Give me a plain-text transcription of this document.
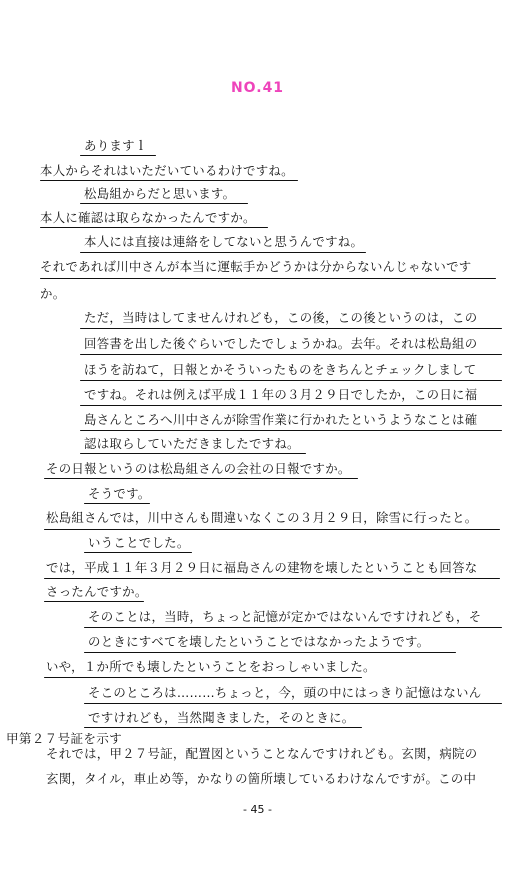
NO.41
ありますｌ
本人からそれはいただいているわけですね。
松島組からだと思います。
本人に確認は取らなかったんですか。
本人には直接は連絡をしてないと思うんですね。
それであれば川中さんが本当に運転手かどうかは分からないんじゃないです
か。
ただ，当時はしてませんけれども，この後，この後というのは，この
回答書を出した後ぐらいでしたでしょうかね。去年。それは松島組の
ほうを訪ねて，日報とかそういったものをきちんとチェックしまして
ですね。それは例えば平成１１年の３月２９日でしたか，この日に福
島さんところへ川中さんが除雪作業に行かれたというようなことは確
認は取らしていただきましたですね。
その日報というのは松島組さんの会社の日報ですか。
そうです。
松島組さんでは，川中さんも間違いなくこの３月２９日，除雪に行ったと。
いうことでした。
では，平成１１年３月２９日に福島さんの建物を壊したということも回答な
さったんですか。
そのことは，当時，ちょっと記憶が定かではないんですけれども，そ
のときにすべてを壊したということではなかったようです。
いや，１か所でも壊したということをおっしゃいました。
そこのところは………ちょっと，今，頭の中にはっきり記憶はないん
ですけれども，当然聞きました，そのときに。
甲第２７号証を示す
それでは，甲２７号証，配置図ということなんですけれども。玄関，病院の
玄関，タイル，車止め等，かなりの箇所壊しているわけなんですが。この中
- 45 -
